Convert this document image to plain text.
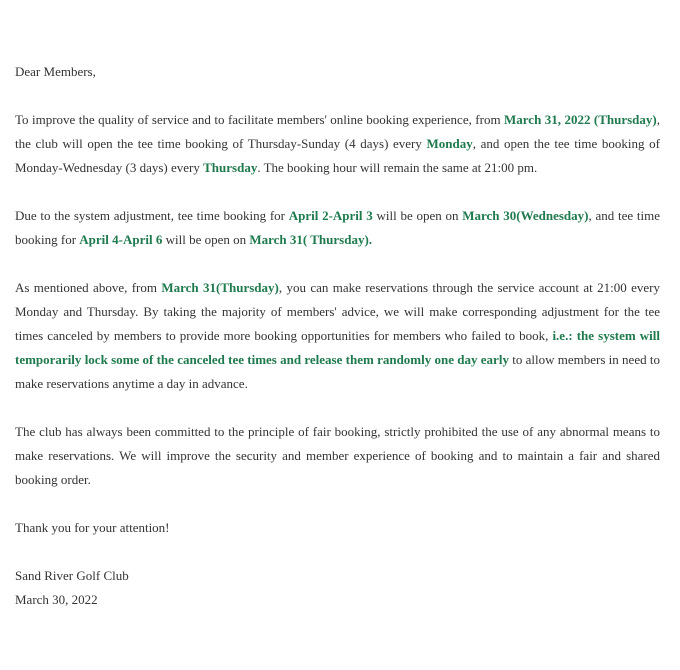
Dear Members,

To improve the quality of service and to facilitate members' online booking experience, from March 31, 2022 (Thursday), the club will open the tee time booking of Thursday-Sunday (4 days) every Monday, and open the tee time booking of Monday-Wednesday (3 days) every Thursday. The booking hour will remain the same at 21:00 pm.

Due to the system adjustment, tee time booking for April 2-April 3 will be open on March 30(Wednesday), and tee time booking for April 4-April 6 will be open on March 31( Thursday).

As mentioned above, from March 31(Thursday), you can make reservations through the service account at 21:00 every Monday and Thursday. By taking the majority of members' advice, we will make corresponding adjustment for the tee times canceled by members to provide more booking opportunities for members who failed to book, i.e.: the system will temporarily lock some of the canceled tee times and release them randomly one day early to allow members in need to make reservations anytime a day in advance.

The club has always been committed to the principle of fair booking, strictly prohibited the use of any abnormal means to make reservations. We will improve the security and member experience of booking and to maintain a fair and shared booking order.

Thank you for your attention!

Sand River Golf Club
March 30, 2022
